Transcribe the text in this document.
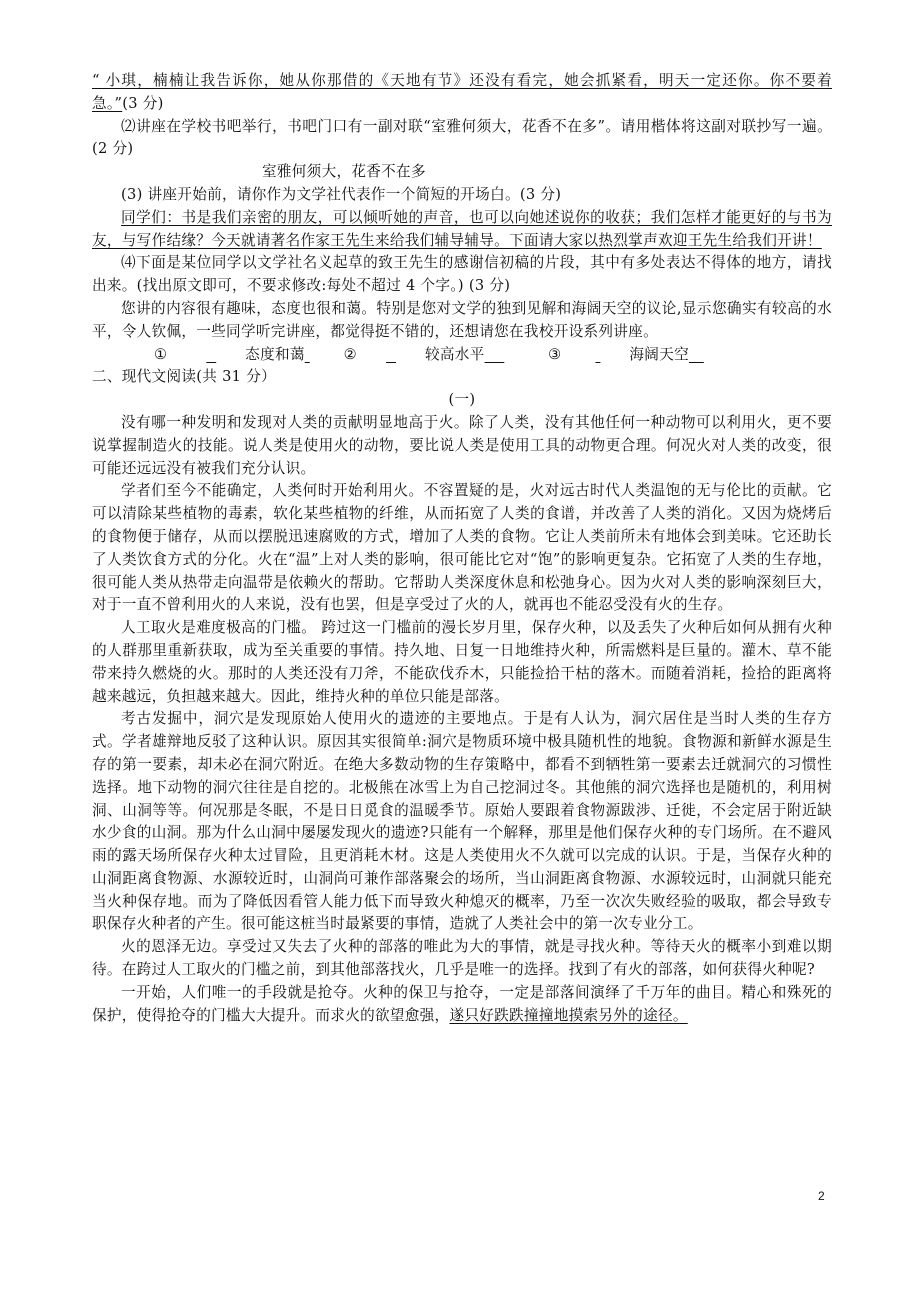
“ 小琪，楠楠让我告诉你，她从你那借的《天地有节》还没有看完，她会抓紧看，明天一定还你。你不要着急。”(3 分)

⑵讲座在学校书吧举行，书吧门口有一副对联“室雅何须大，花香不在多”。请用楷体将这副对联抄写一遍。(2 分)

室雅何须大，花香不在多

(3) 讲座开始前，请你作为文学社代表作一个简短的开场白。(3 分)

同学们：书是我们亲密的朋友，可以倾听她的声音，也可以向她述说你的收获；我们怎样才能更好的与书为友，与写作结缘？今天就请著名作家王先生来给我们辅导辅导。下面请大家以热烈掌声欢迎王先生给我们开讲！

⑷下面是某位同学以文学社名义起草的致王先生的感谢信初稿的片段，其中有多处表达不得体的地方，请找出来。(找出原文即可，不要求修改:每处不超过 4 个字。) (3 分)

您讲的内容很有趣味，态度也很和蔼。特别是您对文学的独到见解和海阔天空的议论,显示您确实有较高的水平，令人钦佩，一些同学听完讲座，都觉得挺不错的，还想请您在我校开设系列讲座。

①	态度和蔼	②	较高水平	③	海阔天空

二、现代文阅读(共 31 分）

(一)

没有哪一种发明和发现对人类的贡献明显地高于火。除了人类，没有其他任何一种动物可以利用火，更不要说掌握制造火的技能。说人类是使用火的动物，要比说人类是使用工具的动物更合理。何况火对人类的改变，很可能还远远没有被我们充分认识。

学者们至今不能确定，人类何时开始利用火。不容置疑的是，火对远古时代人类温饱的无与伦比的贡献。它可以清除某些植物的毒素，软化某些植物的纤维，从而拓宽了人类的食谱，并改善了人类的消化。又因为烧烤后的食物便于储存，从而以摆脱迅速腐败的方式，增加了人类的食物。它让人类前所未有地体会到美味。它还助长了人类饮食方式的分化。火在“温”上对人类的影响，很可能比它对“饱”的影响更复杂。它拓宽了人类的生存地，很可能人类从热带走向温带是依赖火的帮助。它帮助人类深度休息和松弛身心。因为火对人类的影响深刻巨大，对于一直不曾利用火的人来说，没有也罢，但是享受过了火的人，就再也不能忍受没有火的生存。

人工取火是难度极高的门槛。 跨过这一门槛前的漫长岁月里，保存火种，以及丢失了火种后如何从拥有火种的人群那里重新获取，成为至关重要的事情。持久地、日复一日地维持火种，所需燃料是巨量的。灌木、草不能带来持久燃烧的火。那时的人类还没有刀斧，不能砍伐乔木，只能捡拾干枯的落木。而随着消耗，捡拾的距离将越来越远，负担越来越大。因此，维持火种的单位只能是部落。

考古发掘中，洞穴是发现原始人使用火的遗迹的主要地点。于是有人认为，洞穴居住是当时人类的生存方式。学者雄辩地反驳了这种认识。原因其实很简单:洞穴是物质环境中极具随机性的地貌。食物源和新鲜水源是生存的第一要素，却未必在洞穴附近。在绝大多数动物的生存策略中，都看不到牺牲第一要素去迁就洞穴的习惯性选择。地下动物的洞穴往往是自挖的。北极熊在冰雪上为自己挖洞过冬。其他熊的洞穴选择也是随机的，利用树洞、山洞等等。何况那是冬眠，不是日日觅食的温暖季节。原始人要跟着食物源跋涉、迁徙，不会定居于附近缺水少食的山洞。那为什么山洞中屡屡发现火的遗迹?只能有一个解释，那里是他们保存火种的专门场所。在不避风雨的露天场所保存火种太过冒险，且更消耗木材。这是人类使用火不久就可以完成的认识。于是，当保存火种的山洞距离食物源、水源较近时，山洞尚可兼作部落聚会的场所，当山洞距离食物源、水源较远时，山洞就只能充当火种保存地。而为了降低因看管人能力低下而导致火种熄灭的概率，乃至一次次失败经验的吸取，都会导致专职保存火种者的产生。很可能这桩当时最紧要的事情，造就了人类社会中的第一次专业分工。

火的恩泽无边。享受过又失去了火种的部落的唯此为大的事情，就是寻找火种。等待天火的概率小到难以期待。在跨过人工取火的门槛之前，到其他部落找火，几乎是唯一的选择。找到了有火的部落，如何获得火种呢?

一开始，人们唯一的手段就是抢夺。火种的保卫与抢夺，一定是部落间演绎了千万年的曲目。精心和殊死的保护，使得抢夺的门槛大大提升。而求火的欲望愈强，遂只好跌跌撞撞地摸索另外的途径。

2
